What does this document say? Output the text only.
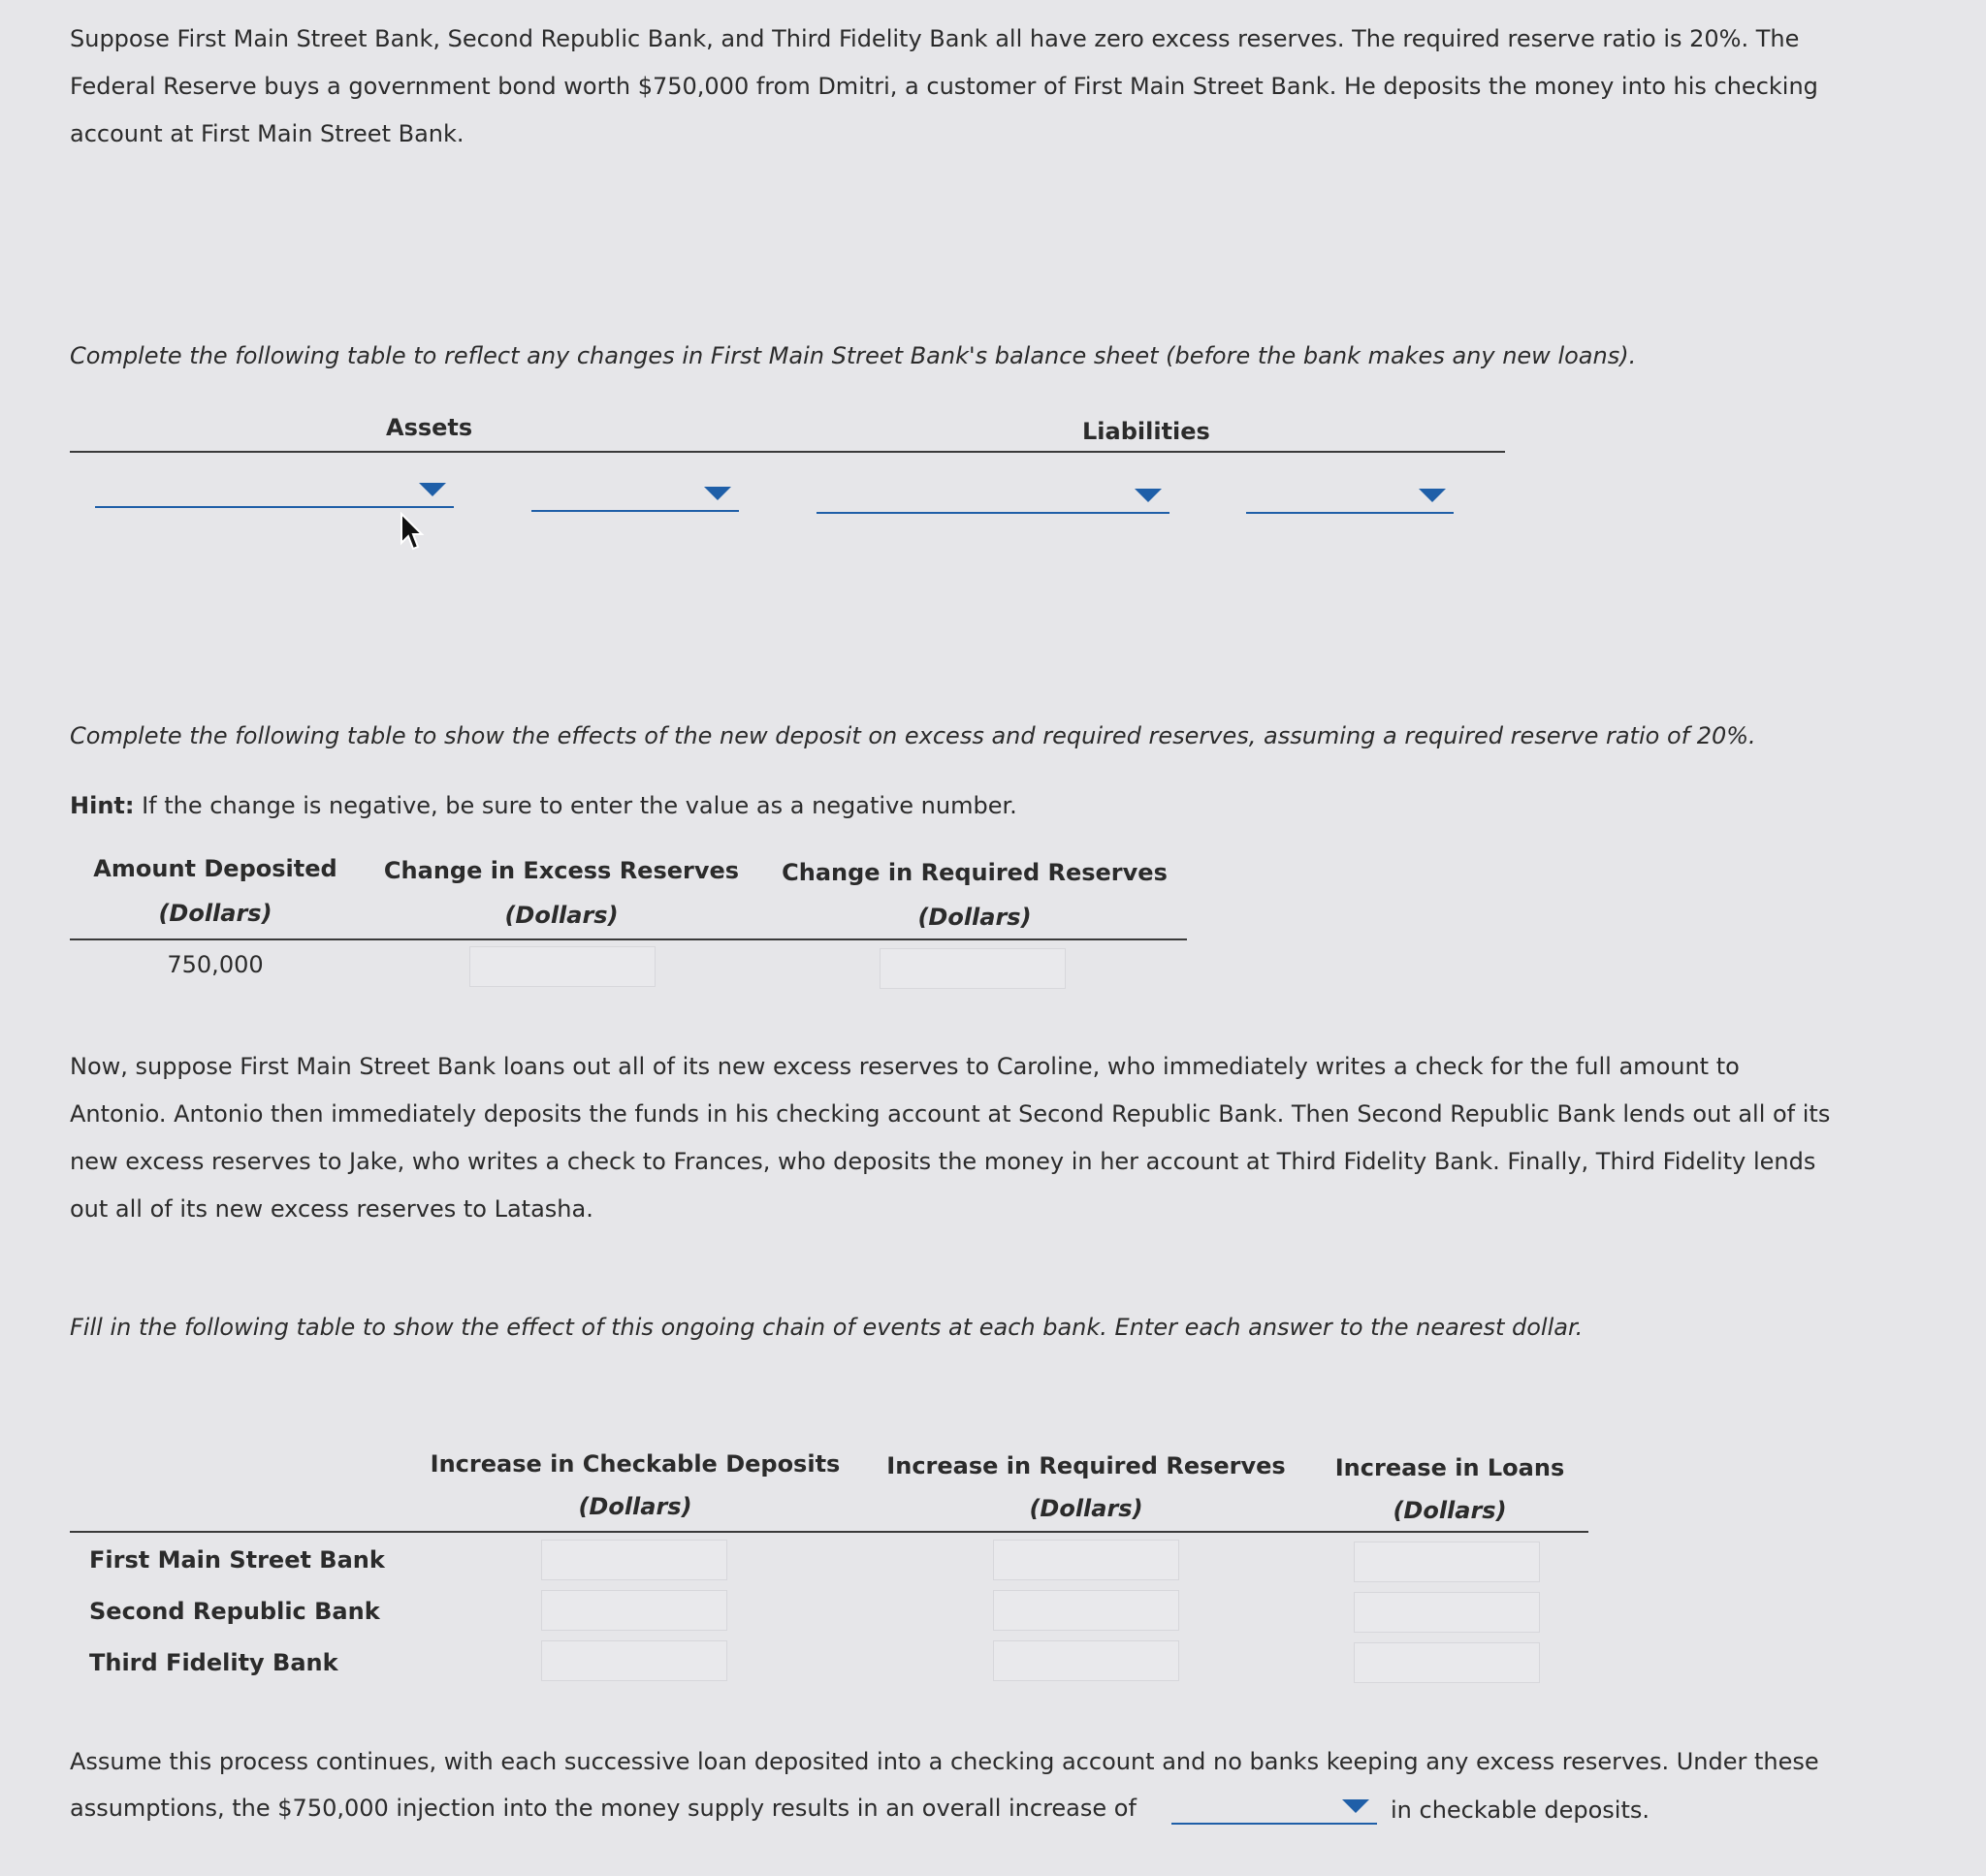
Suppose First Main Street Bank, Second Republic Bank, and Third Fidelity Bank all have zero excess reserves. The required reserve ratio is 20%. The
Federal Reserve buys a government bond worth $750,000 from Dmitri, a customer of First Main Street Bank. He deposits the money into his checking
account at First Main Street Bank.
Complete the following table to reflect any changes in First Main Street Bank's balance sheet (before the bank makes any new loans).
Assets	Liabilities
Complete the following table to show the effects of the new deposit on excess and required reserves, assuming a required reserve ratio of 20%.
Hint: If the change is negative, be sure to enter the value as a negative number.
Amount Deposited	Change in Excess Reserves	Change in Required Reserves
(Dollars)	(Dollars)	(Dollars)
750,000
Now, suppose First Main Street Bank loans out all of its new excess reserves to Caroline, who immediately writes a check for the full amount to
Antonio. Antonio then immediately deposits the funds in his checking account at Second Republic Bank. Then Second Republic Bank lends out all of its
new excess reserves to Jake, who writes a check to Frances, who deposits the money in her account at Third Fidelity Bank. Finally, Third Fidelity lends
out all of its new excess reserves to Latasha.
Fill in the following table to show the effect of this ongoing chain of events at each bank. Enter each answer to the nearest dollar.
Increase in Checkable Deposits	Increase in Required Reserves	Increase in Loans
(Dollars)	(Dollars)	(Dollars)
First Main Street Bank
Second Republic Bank
Third Fidelity Bank
Assume this process continues, with each successive loan deposited into a checking account and no banks keeping any excess reserves. Under these
assumptions, the $750,000 injection into the money supply results in an overall increase of	in checkable deposits.
